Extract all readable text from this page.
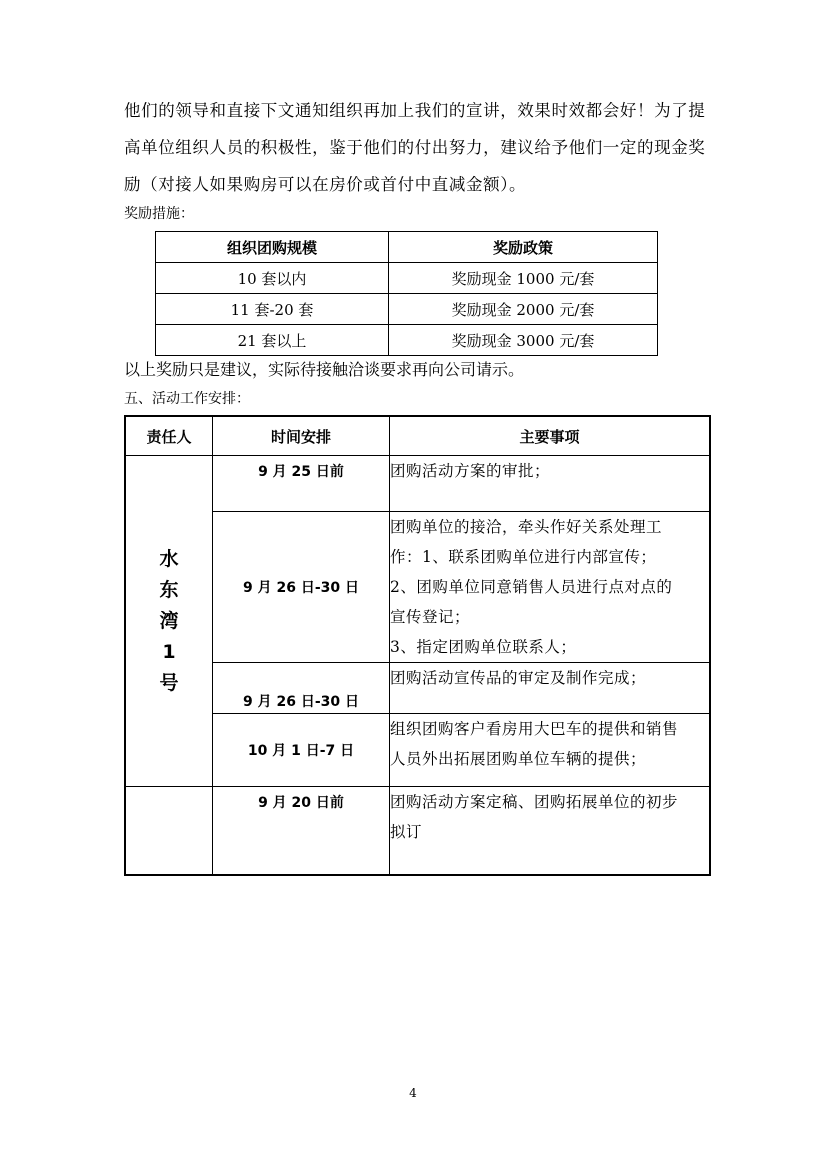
他们的领导和直接下文通知组织再加上我们的宣讲，效果时效都会好！为了提
高单位组织人员的积极性，鉴于他们的付出努力，建议给予他们一定的现金奖
励（对接人如果购房可以在房价或首付中直减金额）。

奖励措施：

组织团购规模	奖励政策
10 套以内	奖励现金 1000 元/套
11 套-20 套	奖励现金 2000 元/套
21 套以上	奖励现金 3000 元/套

以上奖励只是建议，实际待接触洽谈要求再向公司请示。

五、活动工作安排：

责任人	时间安排	主要事项

水
东
湾
1
号	9 月 25 日前	团购活动方案的审批；
	9 月 26 日-30 日	团购单位的接洽，牵头作好关系处理工
作：1、联系团购单位进行内部宣传；
2、团购单位同意销售人员进行点对点的
宣传登记；
3、指定团购单位联系人；
	9 月 26 日-30 日	团购活动宣传品的审定及制作完成；
	10 月 1 日-7 日	组织团购客户看房用大巴车的提供和销售
人员外出拓展团购单位车辆的提供；
	9 月 20 日前	团购活动方案定稿、团购拓展单位的初步
拟订
4
